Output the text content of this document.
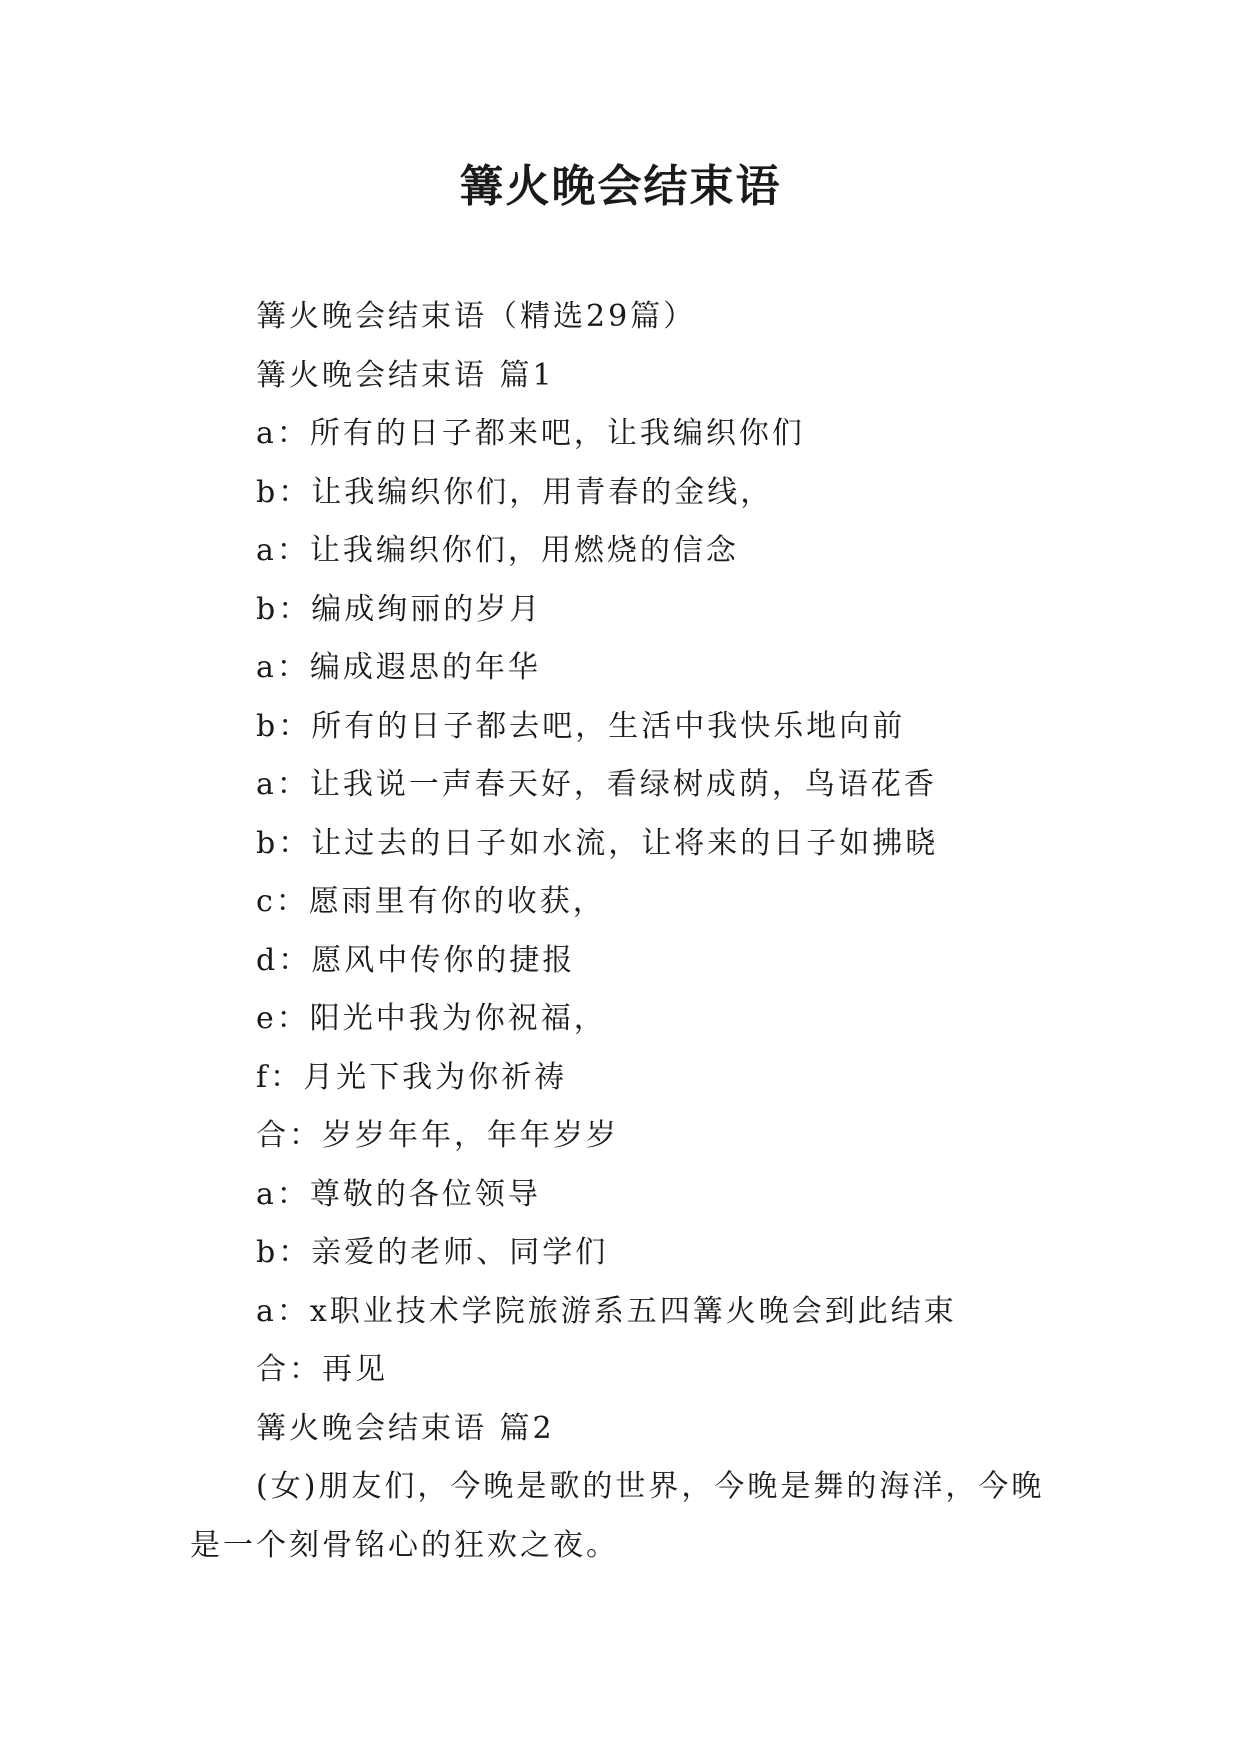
篝火晚会结束语

篝火晚会结束语（精选29篇）

篝火晚会结束语 篇1

a：所有的日子都来吧，让我编织你们

b：让我编织你们，用青春的金线，

a：让我编织你们，用燃烧的信念

b：编成绚丽的岁月

a：编成遐思的年华

b：所有的日子都去吧，生活中我快乐地向前

a：让我说一声春天好，看绿树成荫，鸟语花香

b：让过去的日子如水流，让将来的日子如拂晓

c：愿雨里有你的收获，

d：愿风中传你的捷报

e：阳光中我为你祝福，

f：月光下我为你祈祷

合：岁岁年年，年年岁岁

a：尊敬的各位领导

b：亲爱的老师、同学们

a：x职业技术学院旅游系五四篝火晚会到此结束

合：再见

篝火晚会结束语 篇2

(女)朋友们，今晚是歌的世界，今晚是舞的海洋，今晚是一个刻骨铭心的狂欢之夜。
